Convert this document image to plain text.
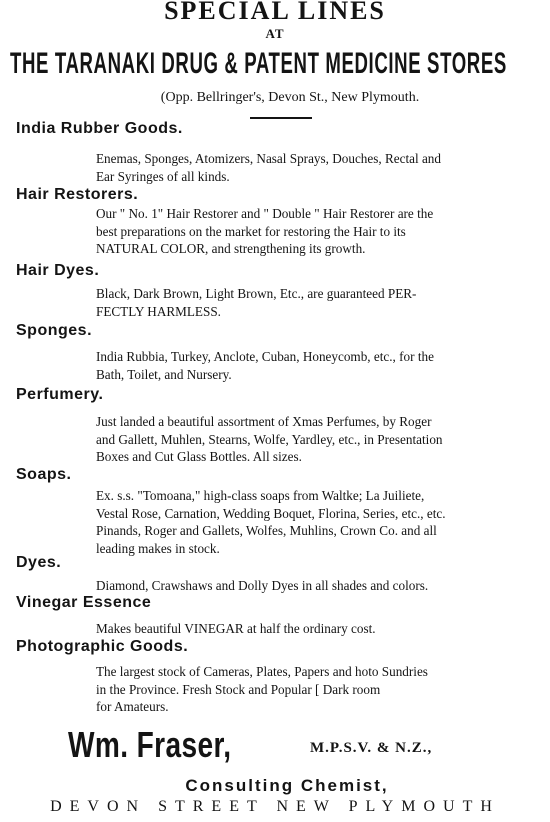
SPECIAL LINES
AT
THE TARANAKI DRUG & PATENT MEDICINE STORES
(Opp. Bellringer's, Devon St., New Plymouth.
India Rubber Goods.
Enemas, Sponges, Atomizers, Nasal Sprays, Douches, Rectal and
Ear Syringes of all kinds.
Hair Restorers.
Our " No. 1" Hair Restorer and " Double " Hair Restorer are the
best preparations on the market for restoring the Hair to its
NATURAL COLOR, and strengthening its growth.
Hair Dyes.
Black, Dark Brown, Light Brown, Etc., are guaranteed PER-
FECTLY HARMLESS.
Sponges.
India Rubbia, Turkey, Anclote, Cuban, Honeycomb, etc., for the
Bath, Toilet, and Nursery.
Perfumery.
Just landed a beautiful assortment of Xmas Perfumes, by Roger
and Gallett, Muhlen, Stearns, Wolfe, Yardley, etc., in Presentation
Boxes and Cut Glass Bottles. All sizes.
Soaps.
Ex. s.s. "Tomoana," high-class soaps from Waltke; La Juiliete,
Vestal Rose, Carnation, Wedding Boquet, Florina, Series, etc., etc.
Pinands, Roger and Gallets, Wolfes, Muhlins, Crown Co. and all
leading makes in stock.
Dyes.
Diamond, Crawshaws and Dolly Dyes in all shades and colors.
Vinegar Essence
Makes beautiful VINEGAR at half the ordinary cost.
Photographic Goods.
The largest stock of Cameras, Plates, Papers and hoto Sundries
in the Province. Fresh Stock and Popular [ Dark room
for Amateurs.
Wm. Fraser,	M.P.S.V. & N.Z.,
Consulting Chemist,
DEVON STREET NEW PLYMOUTH
